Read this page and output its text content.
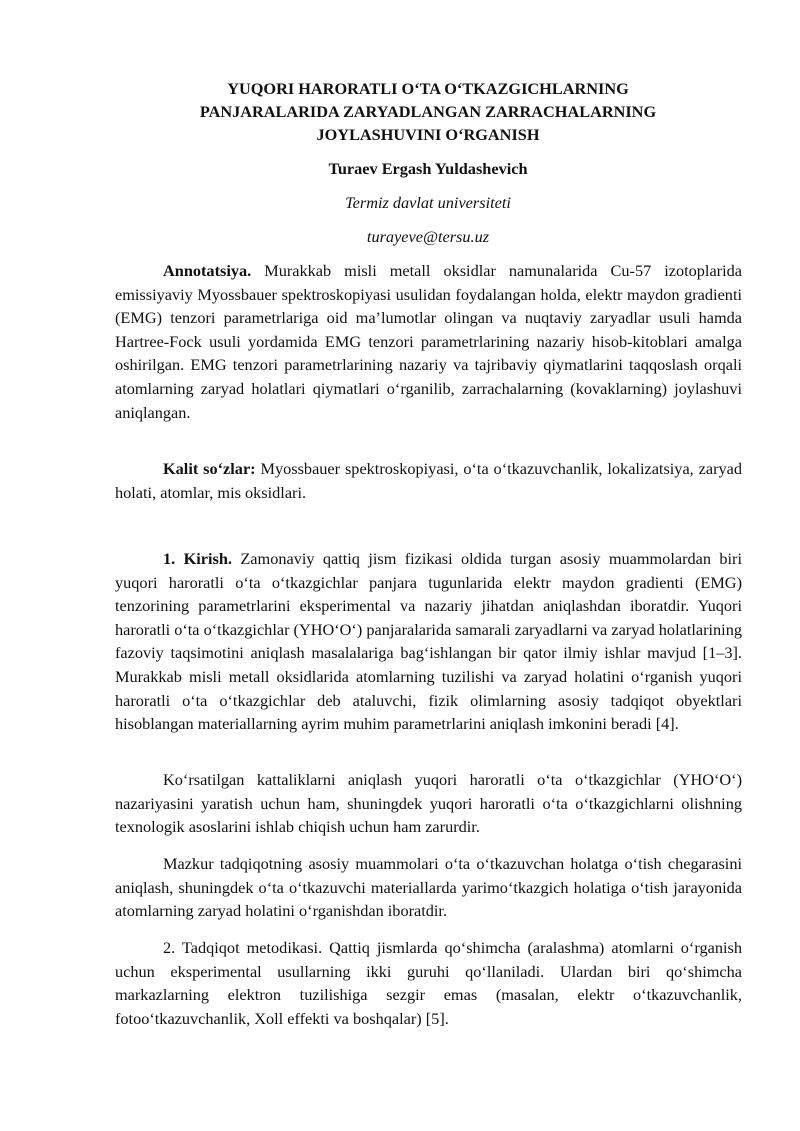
YUQORI HARORATLI O‘TA O‘TKAZGICHLARNING
PANJARALARIDA ZARYADLANGAN ZARRACHALARNING
JOYLASHUVINI O‘RGANISH
Turaev Ergash Yuldashevich
Termiz davlat universiteti
turayeve@tersu.uz

Annotatsiya. Murakkab misli metall oksidlar namunalarida Cu-57 izotoplarida emissiyaviy Myossbauer spektroskopiyasi usulidan foydalangan holda, elektr maydon gradienti (EMG) tenzori parametrlariga oid ma’lumotlar olingan va nuqtaviy zaryadlar usuli hamda Hartree-Fock usuli yordamida EMG tenzori parametrlarining nazariy hisob-kitoblari amalga oshirilgan. EMG tenzori parametrlarining nazariy va tajribaviy qiymatlarini taqqoslash orqali atomlarning zaryad holatlari qiymatlari o‘rganilib, zarrachalarning (kovaklarning) joylashuvi aniqlangan.

Kalit so‘zlar: Myossbauer spektroskopiyasi, o‘ta o‘tkazuvchanlik, lokalizatsiya, zaryad holati, atomlar, mis oksidlari.

1. Kirish. Zamonaviy qattiq jism fizikasi oldida turgan asosiy muammolardan biri yuqori haroratli o‘ta o‘tkazgichlar panjara tugunlarida elektr maydon gradienti (EMG) tenzorining parametrlarini eksperimental va nazariy jihatdan aniqlashdan iboratdir. Yuqori haroratli o‘ta o‘tkazgichlar (YHO‘O‘) panjaralarida samarali zaryadlarni va zaryad holatlarining fazoviy taqsimotini aniqlash masalalariga bag‘ishlangan bir qator ilmiy ishlar mavjud [1–3]. Murakkab misli metall oksidlarida atomlarning tuzilishi va zaryad holatini o‘rganish yuqori haroratli o‘ta o‘tkazgichlar deb ataluvchi, fizik olimlarning asosiy tadqiqot obyektlari hisoblangan materiallarning ayrim muhim parametrlarini aniqlash imkonini beradi [4].

Ko‘rsatilgan kattaliklarni aniqlash yuqori haroratli o‘ta o‘tkazgichlar (YHO‘O‘) nazariyasini yaratish uchun ham, shuningdek yuqori haroratli o‘ta o‘tkazgichlarni olishning texnologik asoslarini ishlab chiqish uchun ham zarurdir.

Mazkur tadqiqotning asosiy muammolari o‘ta o‘tkazuvchan holatga o‘tish chegarasini aniqlash, shuningdek o‘ta o‘tkazuvchi materiallarda yarimo‘tkazgich holatiga o‘tish jarayonida atomlarning zaryad holatini o‘rganishdan iboratdir.

2. Tadqiqot metodikasi. Qattiq jismlarda qo‘shimcha (aralashma) atomlarni o‘rganish uchun eksperimental usullarning ikki guruhi qo‘llaniladi. Ulardan biri qo‘shimcha markazlarning elektron tuzilishiga sezgir emas (masalan, elektr o‘tkazuvchanlik, fotoo‘tkazuvchanlik, Xoll effekti va boshqalar) [5].
